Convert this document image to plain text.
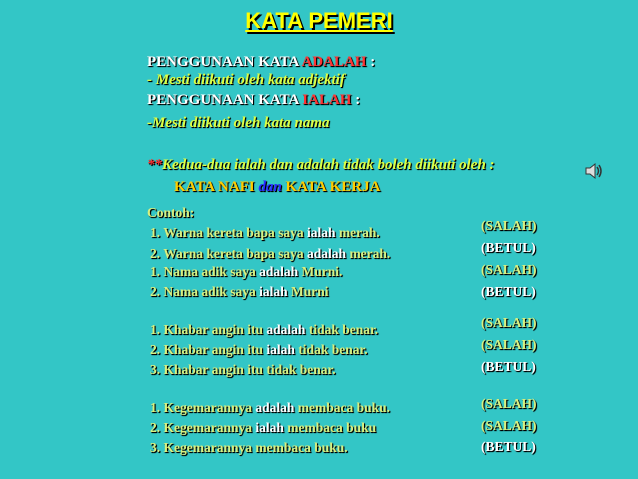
KATA PEMERI
PENGGUNAAN KATA ADALAH :
- Mesti diikuti oleh kata adjektif
PENGGUNAAN KATA IALAH :
-Mesti diikuti oleh kata nama
**Kedua-dua ialah dan adalah tidak boleh diikuti oleh :
KATA NAFI dan KATA KERJA
Contoh:
1. Warna kereta bapa saya ialah merah.	(SALAH)
2. Warna kereta bapa saya adalah merah.	(BETUL)
1. Nama adik saya adalah Murni.	(SALAH)
2. Nama adik saya ialah Murni	(BETUL)
1. Khabar angin itu adalah tidak benar.	(SALAH)
2. Khabar angin itu ialah tidak benar.	(SALAH)
3. Khabar angin itu tidak benar.	(BETUL)
1. Kegemarannya adalah membaca buku.	(SALAH)
2. Kegemarannya ialah membaca buku	(SALAH)
3. Kegemarannya membaca buku.	(BETUL)
